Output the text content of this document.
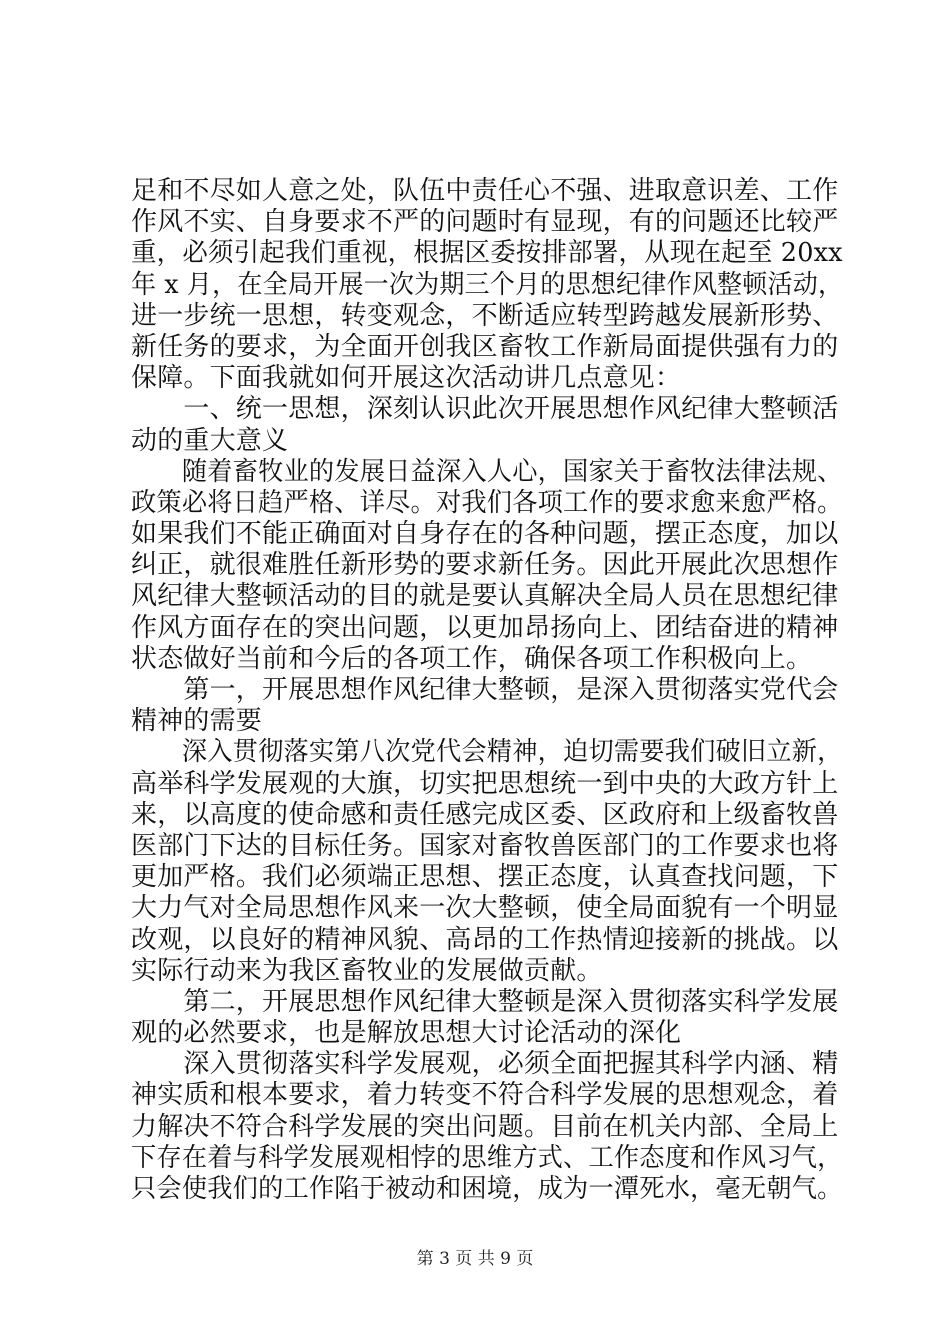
足和不尽如人意之处，队伍中责任心不强、进取意识差、工作
作风不实、自身要求不严的问题时有显现，有的问题还比较严
重，必须引起我们重视，根据区委按排部署，从现在起至 20xx
年 x 月，在全局开展一次为期三个月的思想纪律作风整顿活动，
进一步统一思想，转变观念，不断适应转型跨越发展新形势、
新任务的要求，为全面开创我区畜牧工作新局面提供强有力的
保障。下面我就如何开展这次活动讲几点意见：
　　一、统一思想，深刻认识此次开展思想作风纪律大整顿活
动的重大意义
　　随着畜牧业的发展日益深入人心，国家关于畜牧法律法规、
政策必将日趋严格、详尽。对我们各项工作的要求愈来愈严格。
如果我们不能正确面对自身存在的各种问题，摆正态度，加以
纠正，就很难胜任新形势的要求新任务。因此开展此次思想作
风纪律大整顿活动的目的就是要认真解决全局人员在思想纪律
作风方面存在的突出问题，以更加昂扬向上、团结奋进的精神
状态做好当前和今后的各项工作，确保各项工作积极向上。
　　第一，开展思想作风纪律大整顿，是深入贯彻落实党代会
精神的需要
　　深入贯彻落实第八次党代会精神，迫切需要我们破旧立新，
高举科学发展观的大旗，切实把思想统一到中央的大政方针上
来，以高度的使命感和责任感完成区委、区政府和上级畜牧兽
医部门下达的目标任务。国家对畜牧兽医部门的工作要求也将
更加严格。我们必须端正思想、摆正态度，认真查找问题，下
大力气对全局思想作风来一次大整顿，使全局面貌有一个明显
改观，以良好的精神风貌、高昂的工作热情迎接新的挑战。以
实际行动来为我区畜牧业的发展做贡献。
　　第二，开展思想作风纪律大整顿是深入贯彻落实科学发展
观的必然要求，也是解放思想大讨论活动的深化
　　深入贯彻落实科学发展观，必须全面把握其科学内涵、精
神实质和根本要求，着力转变不符合科学发展的思想观念，着
力解决不符合科学发展的突出问题。目前在机关内部、全局上
下存在着与科学发展观相悖的思维方式、工作态度和作风习气，
只会使我们的工作陷于被动和困境，成为一潭死水，毫无朝气。
第 3 页 共 9 页
